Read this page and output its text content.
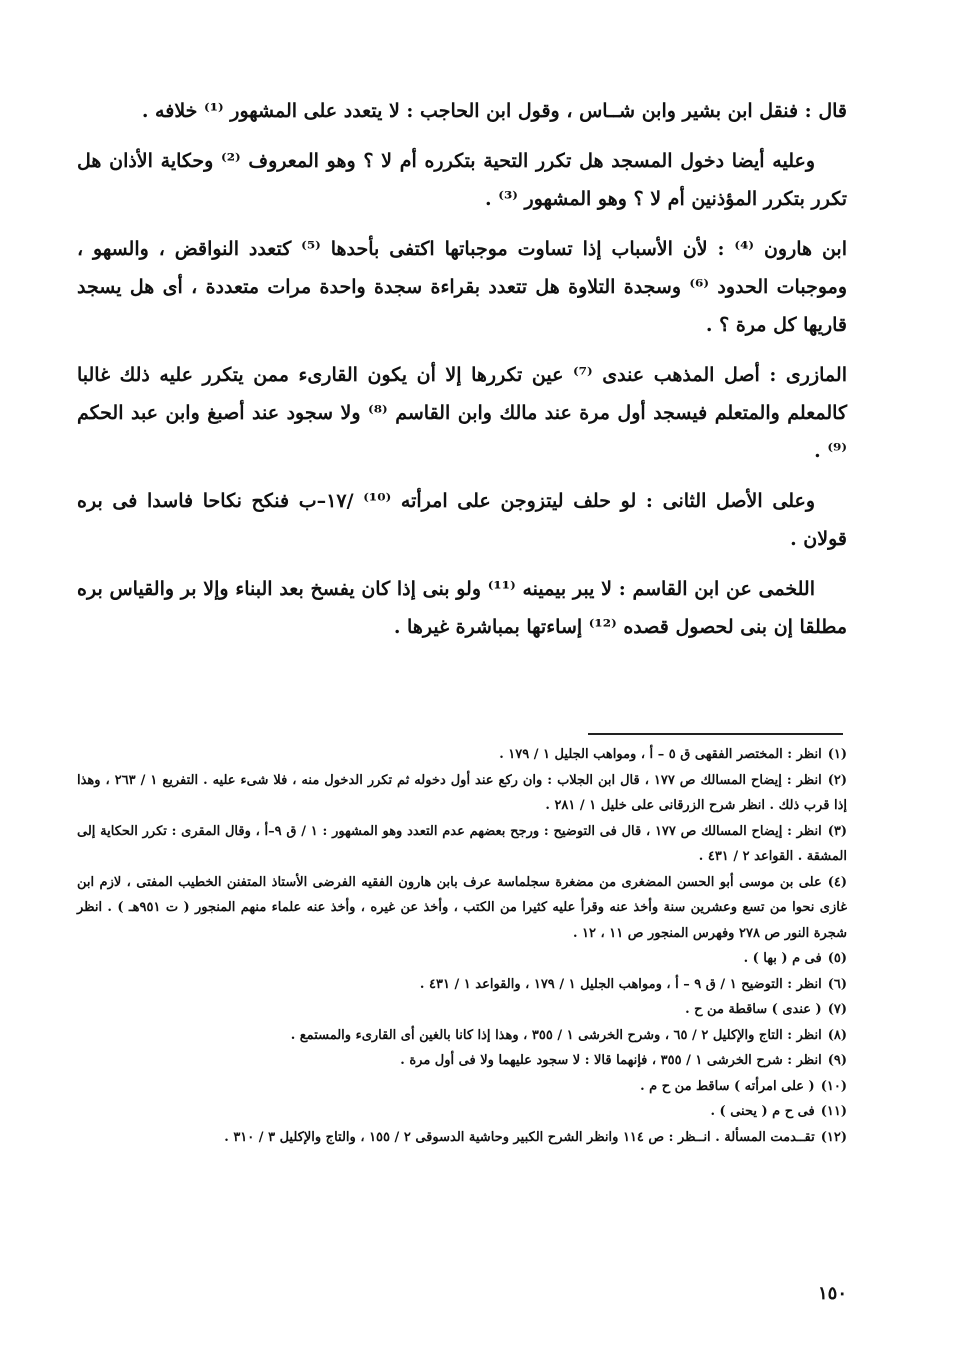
قال : فنقل ابن بشير وابن شــاس ، وقول ابن الحاجب : لا يتعدد على المشهور ⁽¹⁾ خلافه .

وعليه أيضا دخول المسجد هل تكرر التحية بتكرره أم لا ؟ وهو المعروف ⁽²⁾ وحكاية الأذان هل تكرر بتكرر المؤذنين أم لا ؟ وهو المشهور ⁽³⁾ .

ابن هارون ⁽⁴⁾ : لأن الأسباب إذا تساوت موجباتها اكتفى بأحدها ⁽⁵⁾ كتعدد النواقض ، والسهو ، وموجبات الحدود ⁽⁶⁾ وسجدة التلاوة هل تتعدد بقراءة سجدة واحدة مرات متعددة ، أى هل يسجد قاريها كل مرة ؟ .

المازرى : أصل المذهب عندى ⁽⁷⁾ عين تكررها إلا أن يكون القارىء ممن يتكرر عليه ذلك غالبا كالمعلم والمتعلم فيسجد أول مرة عند مالك وابن القاسم ⁽⁸⁾ ولا سجود عند أصبغ وابن عبد الحكم ⁽⁹⁾ .

وعلى الأصل الثانى : لو حلف ليتزوجن على امرأته ⁽¹⁰⁾ /١٧–ب فنكح نكاحا فاسدا فى بره قولان .

اللخمى عن ابن القاسم : لا يبر بيمينه ⁽¹¹⁾ ولو بنى إذا كان يفسخ بعد البناء وإلا بر والقياس بره مطلقا إن بنى لحصول قصده ⁽¹²⁾ إساءتها بمباشرة غيرها .

(١)انظر : المختصر الفقهى ق ٥ – أ ، ومواهب الجليل ١ / ١٧٩ .

(٢)انظر : إيضاح المسالك ص ١٧٧ ، قال ابن الجلاب : وان ركع عند أول دخوله ثم تكرر الدخول منه ، فلا شىء عليه . التفريع ١ / ٢٦٣ ، وهذا إذا قرب ذلك . انظر شرح الزرقانى على خليل ١ / ٢٨١ .

(٣)انظر : إيضاح المسالك ص ١٧٧ ، قال فى التوضيح : ورجح بعضهم عدم التعدد وهو المشهور : ١ / ق ٩–أ ، وقال المقرى : تكرر الحكاية إلى المشقة . القواعد ٢ / ٤٣١ .

(٤)على بن موسى أبو الحسن المضغرى من مضغرة سجلماسة عرف بابن هارون الفقيه الفرضى الأستاذ المتفنن الخطيب المفتى ، لازم ابن غازى نحوا من تسع وعشرين سنة وأخذ عنه وقرأ عليه كثيرا من الكتب ، وأخذ عن غيره ، وأخذ عنه علماء منهم المنجور ( ت ٩٥١هـ ) . انظر شجرة النور ص ٢٧٨ وفهرس المنجور ص ١١ ، ١٢ .

(٥)فى م ( بها ) .

(٦)انظر : التوضيح ١ / ق ٩ – أ ، ومواهب الجليل ١ / ١٧٩ ، والقواعد ١ / ٤٣١ .

(٧)( عندى ) ساقطة من ح .

(٨)انظر : التاج والإكليل ٢ / ٦٥ ، وشرح الخرشى ١ / ٣٥٥ ، وهذا إذا كانا بالغين أى القارىء والمستمع .

(٩)انظر : شرح الخرشى ١ / ٣٥٥ ، فإنهما قالا : لا سجود عليهما ولا فى أول مرة .

(١٠)( على امرأته ) ساقط من ح م .

(١١)فى ح م ( يحنى ) .

(١٢)تقــدمت المسألة . انــظر : ص ١١٤ وانظر الشرح الكبير وحاشية الدسوقى ٢ / ١٥٥ ، والتاج والإكليل ٣ / ٣١٠ .

١٥٠
